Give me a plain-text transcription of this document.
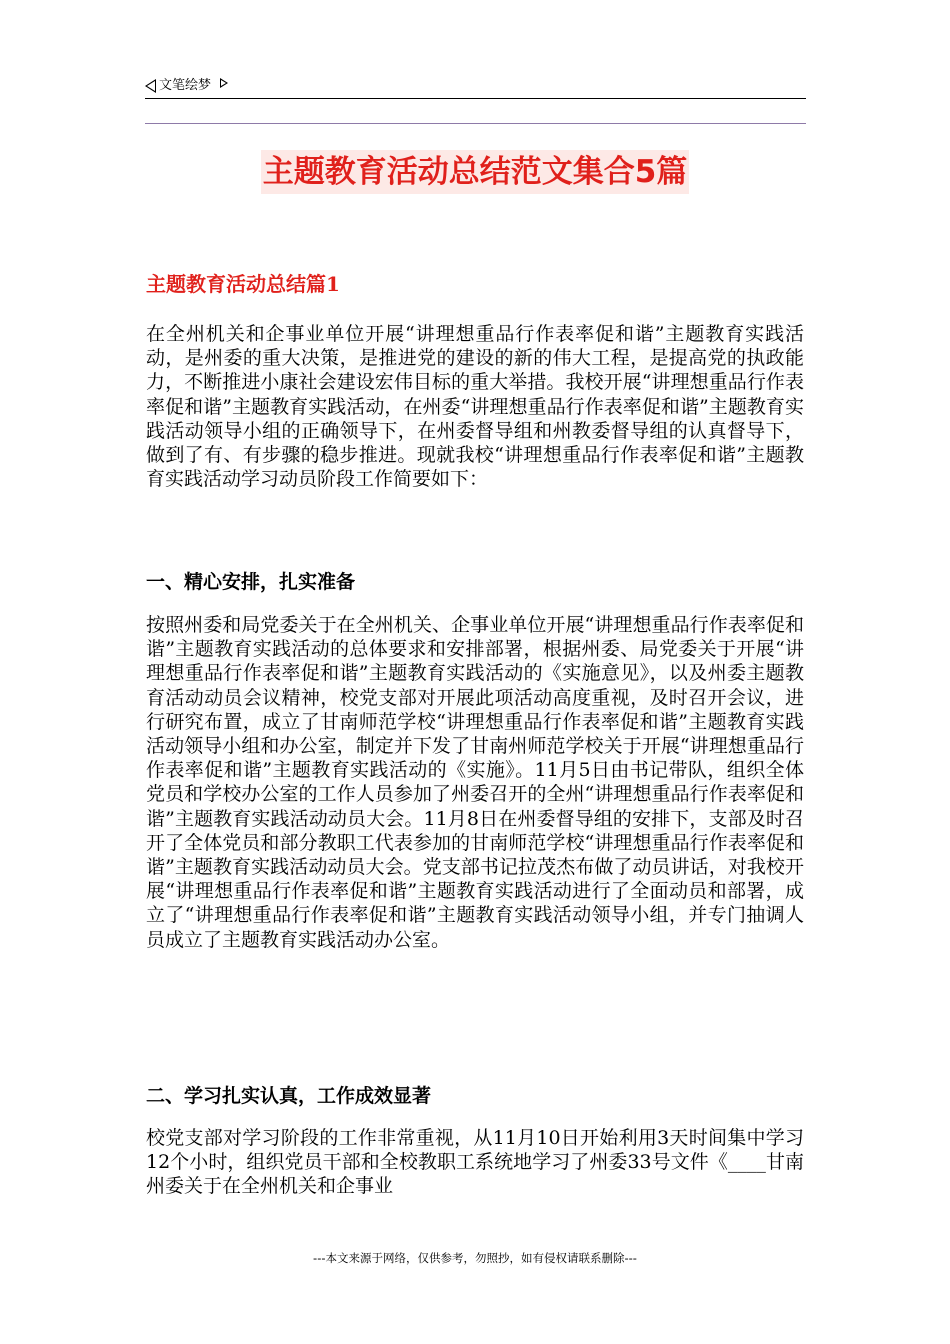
文笔绘梦
主题教育活动总结范文集合5篇
主题教育活动总结篇1

在全州机关和企事业单位开展“讲理想重品行作表率促和谐”主题教育实践活动，是州委的重大决策，是推进党的建设的新的伟大工程，是提高党的执政能力，不断推进小康社会建设宏伟目标的重大举措。我校开展“讲理想重品行作表率促和谐”主题教育实践活动，在州委“讲理想重品行作表率促和谐”主题教育实践活动领导小组的正确领导下，在州委督导组和州教委督导组的认真督导下，做到了有、有步骤的稳步推进。现就我校“讲理想重品行作表率促和谐”主题教育实践活动学习动员阶段工作简要如下：

一、精心安排，扎实准备

按照州委和局党委关于在全州机关、企事业单位开展“讲理想重品行作表率促和谐”主题教育实践活动的总体要求和安排部署，根据州委、局党委关于开展“讲理想重品行作表率促和谐”主题教育实践活动的《实施意见》，以及州委主题教育活动动员会议精神，校党支部对开展此项活动高度重视，及时召开会议，进行研究布置，成立了甘南师范学校“讲理想重品行作表率促和谐”主题教育实践活动领导小组和办公室，制定并下发了甘南州师范学校关于开展“讲理想重品行作表率促和谐”主题教育实践活动的《实施》。11月5日由书记带队，组织全体党员和学校办公室的工作人员参加了州委召开的全州“讲理想重品行作表率促和谐”主题教育实践活动动员大会。11月8日在州委督导组的安排下，支部及时召开了全体党员和部分教职工代表参加的甘南师范学校“讲理想重品行作表率促和谐”主题教育实践活动动员大会。党支部书记拉茂杰布做了动员讲话，对我校开展“讲理想重品行作表率促和谐”主题教育实践活动进行了全面动员和部署，成立了“讲理想重品行作表率促和谐”主题教育实践活动领导小组，并专门抽调人员成立了主题教育实践活动办公室。

二、学习扎实认真，工作成效显著

校党支部对学习阶段的工作非常重视，从11月10日开始利用3天时间集中学习12个小时，组织党员干部和全校教职工系统地学习了州委33号文件《____甘南州委关于在全州机关和企事业

---本文来源于网络，仅供参考，勿照抄，如有侵权请联系删除---
